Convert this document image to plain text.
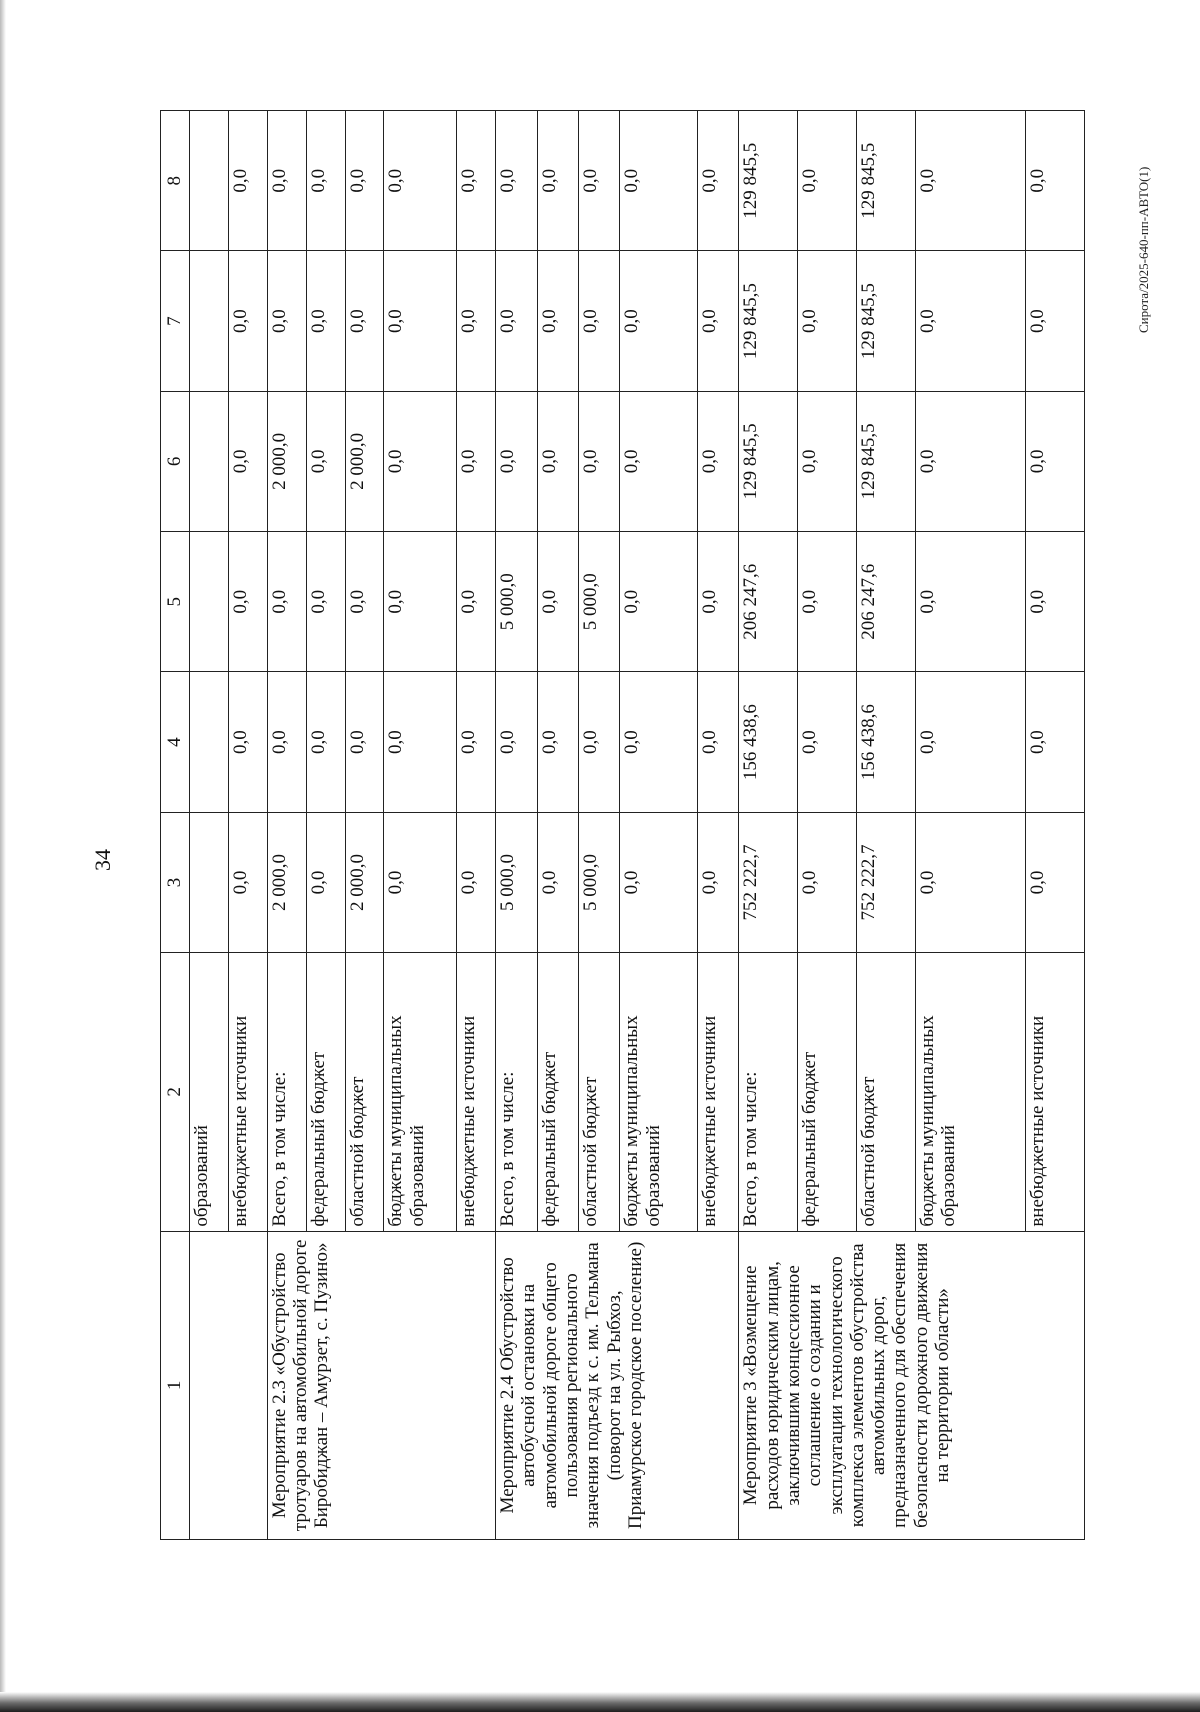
34
Сирота/2025-640-пп-АВТО(1)
1	2	3	4	5	6	7	8
	образований						
	внебюджетные источники	0,0	0,0	0,0	0,0	0,0	0,0
Мероприятие 2.3 «Обустройство тротуаров на автомобильной дороге Биробиджан – Амурзет, с. Пузино»	Всего, в том числе:	2 000,0	0,0	0,0	2 000,0	0,0	0,0
	федеральный бюджет	0,0	0,0	0,0	0,0	0,0	0,0
	областной бюджет	2 000,0	0,0	0,0	2 000,0	0,0	0,0
	бюджеты муниципальных образований	0,0	0,0	0,0	0,0	0,0	0,0
	внебюджетные источники	0,0	0,0	0,0	0,0	0,0	0,0
Мероприятие 2.4 Обустройство автобусной остановки на автомобильной дороге общего пользования регионального значения подъезд к с. им. Тельмана (поворот на ул. Рыбхоз, Приамурское городское поселение)	Всего, в том числе:	5 000,0	0,0	5 000,0	0,0	0,0	0,0
	федеральный бюджет	0,0	0,0	0,0	0,0	0,0	0,0
	областной бюджет	5 000,0	0,0	5 000,0	0,0	0,0	0,0
	бюджеты муниципальных образований	0,0	0,0	0,0	0,0	0,0	0,0
	внебюджетные источники	0,0	0,0	0,0	0,0	0,0	0,0
Мероприятие 3 «Возмещение расходов юридическим лицам, заключившим концессионное соглашение о создании и эксплуатации технологического комплекса элементов обустройства автомобильных дорог, предназначенного для обеспечения безопасности дорожного движения на территории области»	Всего, в том числе:	752 222,7	156 438,6	206 247,6	129 845,5	129 845,5	129 845,5
	федеральный бюджет	0,0	0,0	0,0	0,0	0,0	0,0
	областной бюджет	752 222,7	156 438,6	206 247,6	129 845,5	129 845,5	129 845,5
	бюджеты муниципальных образований	0,0	0,0	0,0	0,0	0,0	0,0
	внебюджетные источники	0,0	0,0	0,0	0,0	0,0	0,0
